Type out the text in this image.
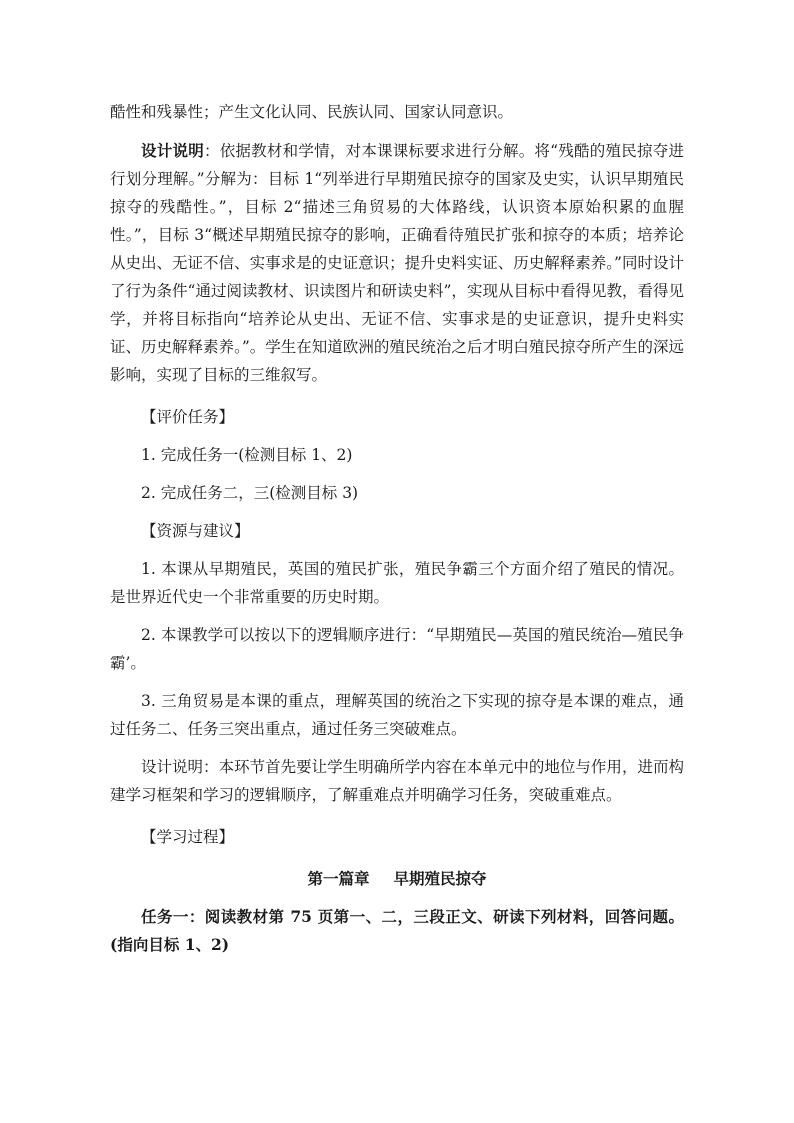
酷性和残暴性；产生文化认同、民族认同、国家认同意识。

设计说明：依据教材和学情，对本课课标要求进行分解。将“残酷的殖民掠夺进行划分理解。”分解为：目标 1“列举进行早期殖民掠夺的国家及史实，认识早期殖民掠夺的残酷性。”，目标 2“描述三角贸易的大体路线，认识资本原始积累的血腥性。”，目标 3“概述早期殖民掠夺的影响，正确看待殖民扩张和掠夺的本质；培养论从史出、无证不信、实事求是的史证意识；提升史料实证、历史解释素养。”同时设计了行为条件“通过阅读教材、识读图片和研读史料”，实现从目标中看得见教，看得见学，并将目标指向“培养论从史出、无证不信、实事求是的史证意识，提升史料实证、历史解释素养。”。学生在知道欧洲的殖民统治之后才明白殖民掠夺所产生的深远影响，实现了目标的三维叙写。

【评价任务】

1. 完成任务一(检测目标 1、2)

2. 完成任务二，三(检测目标 3)

【资源与建议】

1. 本课从早期殖民，英国的殖民扩张，殖民争霸三个方面介绍了殖民的情况。是世界近代史一个非常重要的历史时期。

2. 本课教学可以按以下的逻辑顺序进行：“早期殖民—英国的殖民统治—殖民争霸’。

3. 三角贸易是本课的重点，理解英国的统治之下实现的掠夺是本课的难点，通过任务二、任务三突出重点，通过任务三突破难点。

设计说明：本环节首先要让学生明确所学内容在本单元中的地位与作用，进而构建学习框架和学习的逻辑顺序，了解重难点并明确学习任务，突破重难点。

【学习过程】

第一篇章 早期殖民掠夺

任务一：阅读教材第 75 页第一、二，三段正文、研读下列材料，回答问题。(指向目标 1、2)
